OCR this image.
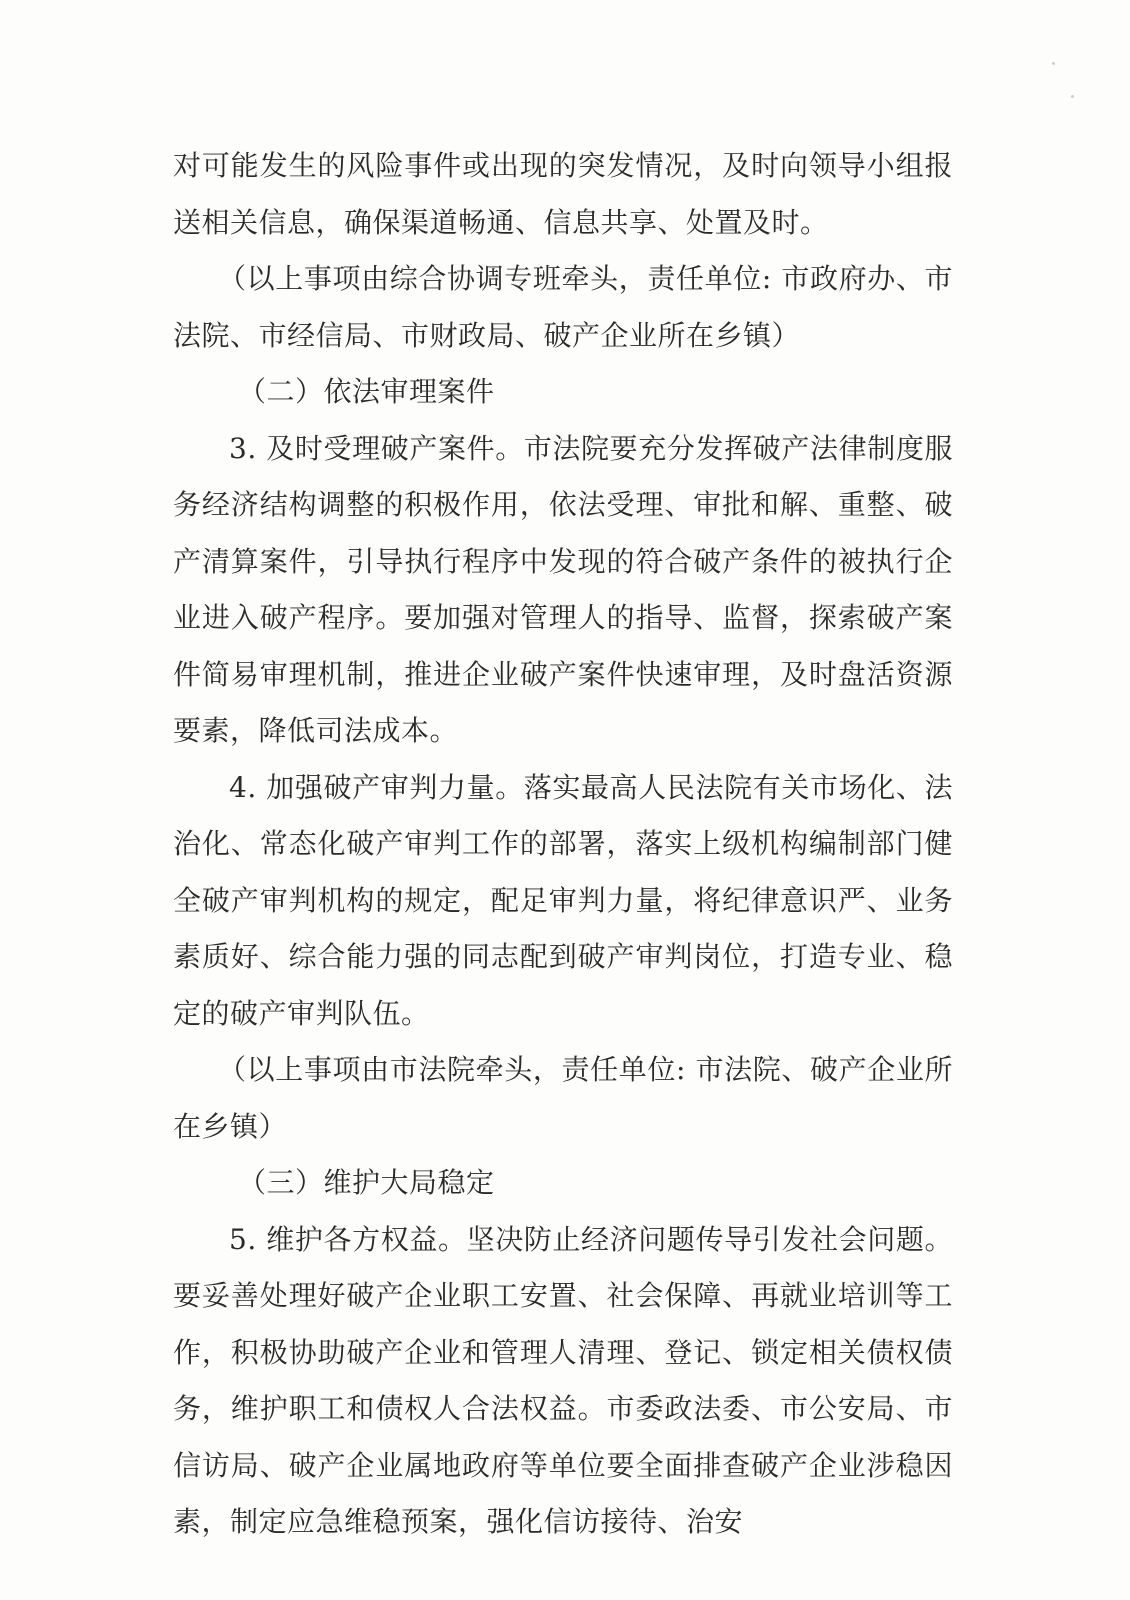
对可能发生的风险事件或出现的突发情况，及时向领导小组报送相关信息，确保渠道畅通、信息共享、处置及时。

（以上事项由综合协调专班牵头，责任单位: 市政府办、市法院、市经信局、市财政局、破产企业所在乡镇）

（二）依法审理案件

3. 及时受理破产案件。市法院要充分发挥破产法律制度服务经济结构调整的积极作用，依法受理、审批和解、重整、破产清算案件，引导执行程序中发现的符合破产条件的被执行企业进入破产程序。要加强对管理人的指导、监督，探索破产案件简易审理机制，推进企业破产案件快速审理，及时盘活资源要素，降低司法成本。

4. 加强破产审判力量。落实最高人民法院有关市场化、法治化、常态化破产审判工作的部署，落实上级机构编制部门健全破产审判机构的规定，配足审判力量，将纪律意识严、业务素质好、综合能力强的同志配到破产审判岗位，打造专业、稳定的破产审判队伍。

（以上事项由市法院牵头，责任单位: 市法院、破产企业所在乡镇）

（三）维护大局稳定

5. 维护各方权益。坚决防止经济问题传导引发社会问题。要妥善处理好破产企业职工安置、社会保障、再就业培训等工作，积极协助破产企业和管理人清理、登记、锁定相关债权债务，维护职工和债权人合法权益。市委政法委、市公安局、市信访局、破产企业属地政府等单位要全面排查破产企业涉稳因素，制定应急维稳预案，强化信访接待、治安
